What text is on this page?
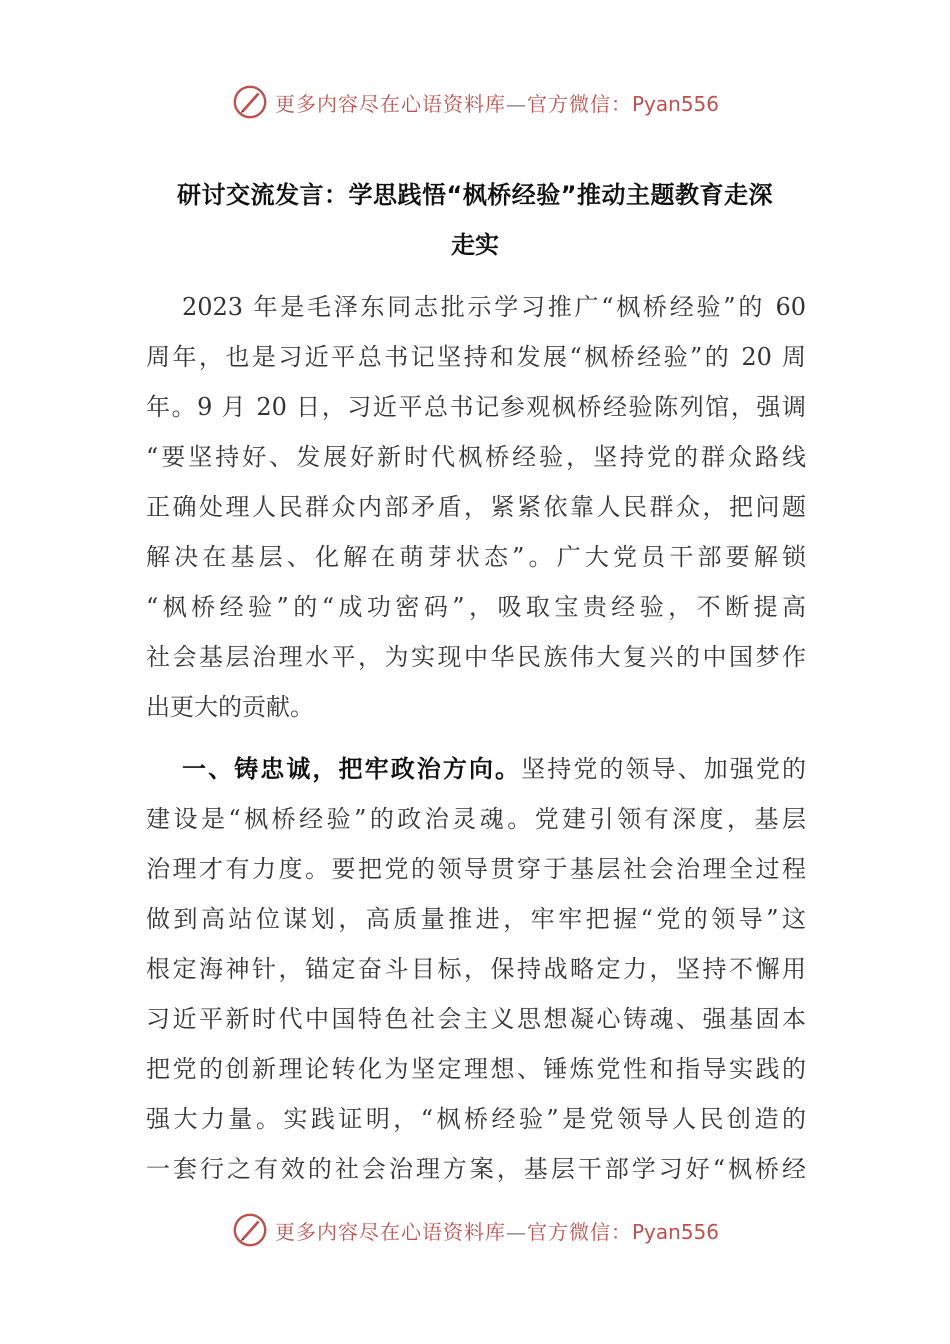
更多内容尽在心语资料库—官方微信：Pyan556
研讨交流发言：学思践悟“枫桥经验”推动主题教育走深
走实
2023 年是毛泽东同志批示学习推广“枫桥经验”的 60
周年，也是习近平总书记坚持和发展“枫桥经验”的 20 周
年。9 月 20 日，习近平总书记参观枫桥经验陈列馆，强调
“要坚持好、发展好新时代枫桥经验，坚持党的群众路线
正确处理人民群众内部矛盾，紧紧依靠人民群众，把问题
解决在基层、化解在萌芽状态”。广大党员干部要解锁
“枫桥经验”的“成功密码”，吸取宝贵经验，不断提高
社会基层治理水平，为实现中华民族伟大复兴的中国梦作
出更大的贡献。
一、铸忠诚，把牢政治方向。坚持党的领导、加强党的
建设是“枫桥经验”的政治灵魂。党建引领有深度，基层
治理才有力度。要把党的领导贯穿于基层社会治理全过程
做到高站位谋划，高质量推进，牢牢把握“党的领导”这
根定海神针，锚定奋斗目标，保持战略定力，坚持不懈用
习近平新时代中国特色社会主义思想凝心铸魂、强基固本
把党的创新理论转化为坚定理想、锤炼党性和指导实践的
强大力量。实践证明，“枫桥经验”是党领导人民创造的
一套行之有效的社会治理方案，基层干部学习好“枫桥经
更多内容尽在心语资料库—官方微信：Pyan556
